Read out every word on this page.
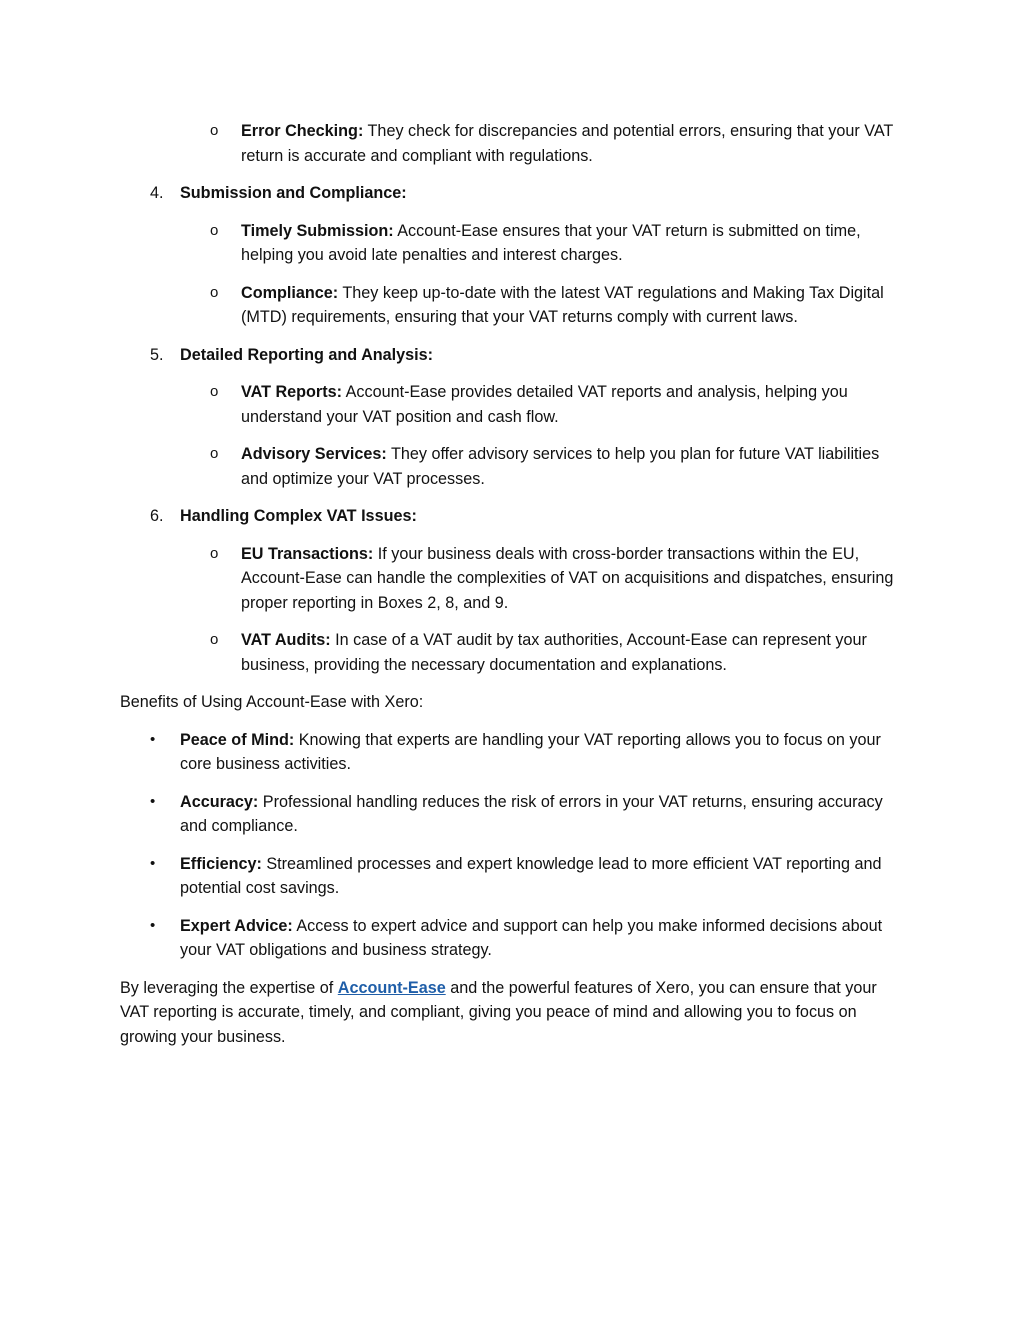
o Error Checking: They check for discrepancies and potential errors, ensuring that your VAT return is accurate and compliant with regulations.

4. Submission and Compliance:

o Timely Submission: Account-Ease ensures that your VAT return is submitted on time, helping you avoid late penalties and interest charges.

o Compliance: They keep up-to-date with the latest VAT regulations and Making Tax Digital (MTD) requirements, ensuring that your VAT returns comply with current laws.

5. Detailed Reporting and Analysis:

o VAT Reports: Account-Ease provides detailed VAT reports and analysis, helping you understand your VAT position and cash flow.

o Advisory Services: They offer advisory services to help you plan for future VAT liabilities and optimize your VAT processes.

6. Handling Complex VAT Issues:

o EU Transactions: If your business deals with cross-border transactions within the EU, Account-Ease can handle the complexities of VAT on acquisitions and dispatches, ensuring proper reporting in Boxes 2, 8, and 9.

o VAT Audits: In case of a VAT audit by tax authorities, Account-Ease can represent your business, providing the necessary documentation and explanations.

Benefits of Using Account-Ease with Xero:

• Peace of Mind: Knowing that experts are handling your VAT reporting allows you to focus on your core business activities.

• Accuracy: Professional handling reduces the risk of errors in your VAT returns, ensuring accuracy and compliance.

• Efficiency: Streamlined processes and expert knowledge lead to more efficient VAT reporting and potential cost savings.

• Expert Advice: Access to expert advice and support can help you make informed decisions about your VAT obligations and business strategy.

By leveraging the expertise of Account-Ease and the powerful features of Xero, you can ensure that your VAT reporting is accurate, timely, and compliant, giving you peace of mind and allowing you to focus on growing your business.
